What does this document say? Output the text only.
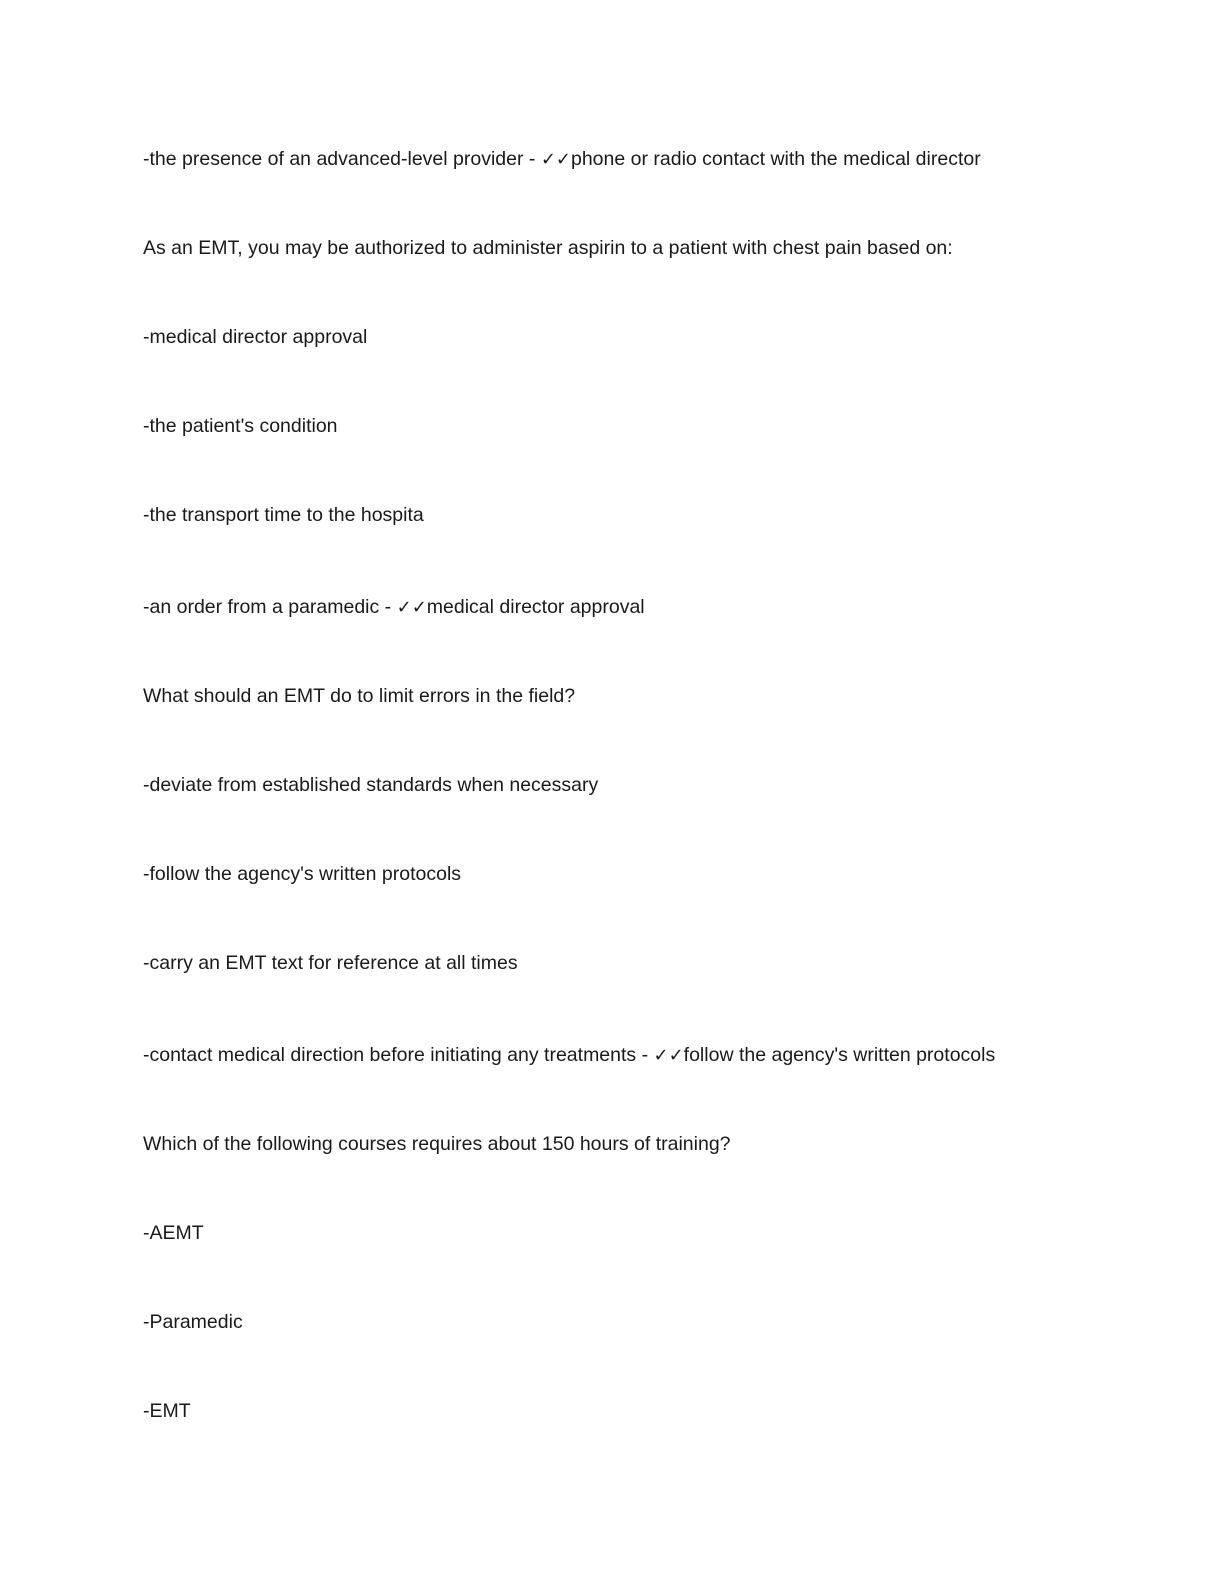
-the presence of an advanced-level provider - ✓✓phone or radio contact with the medical director

As an EMT, you may be authorized to administer aspirin to a patient with chest pain based on:

-medical director approval

-the patient's condition

-the transport time to the hospita

-an order from a paramedic - ✓✓medical director approval

What should an EMT do to limit errors in the field?

-deviate from established standards when necessary

-follow the agency's written protocols

-carry an EMT text for reference at all times

-contact medical direction before initiating any treatments - ✓✓follow the agency's written protocols

Which of the following courses requires about 150 hours of training?

-AEMT

-Paramedic

-EMT
